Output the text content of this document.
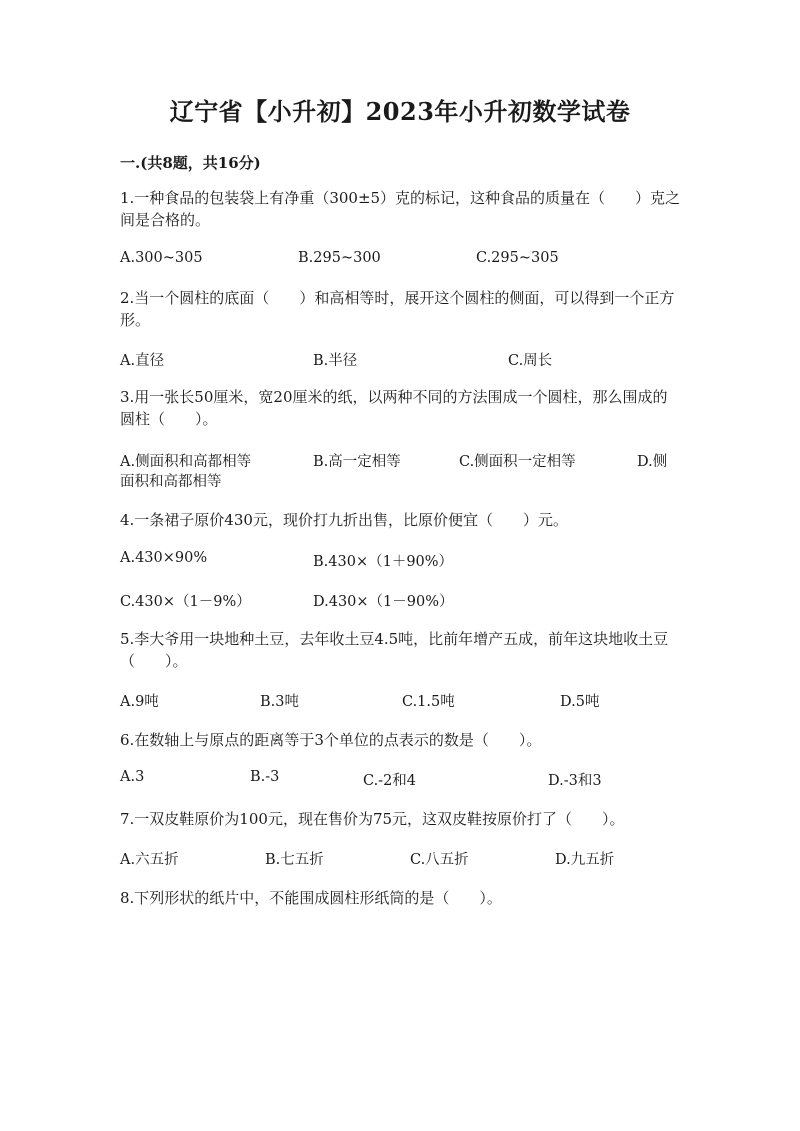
辽宁省【小升初】2023年小升初数学试卷
一.(共8题，共16分)

1.一种食品的包装袋上有净重（300±5）克的标记，这种食品的质量在（　　）克之间是合格的。

A.300~305	B.295~300	C.295~305

2.当一个圆柱的底面（　　）和高相等时，展开这个圆柱的侧面，可以得到一个正方形。

A.直径	B.半径	C.周长

3.用一张长50厘米，宽20厘米的纸，以两种不同的方法围成一个圆柱，那么围成的圆柱（　　）。

A.侧面积和高都相等	B.高一定相等	C.侧面积一定相等	D.侧
面积和高都相等

4.一条裙子原价430元，现价打九折出售，比原价便宜（　　）元。

A.430×90%	B.430×（1＋90%）
C.430×（1－9%）	D.430×（1－90%）

5.李大爷用一块地种土豆，去年收土豆4.5吨，比前年增产五成，前年这块地收土豆（　　）。

A.9吨	B.3吨	C.1.5吨	D.5吨

6.在数轴上与原点的距离等于3个单位的点表示的数是（　　）。

A.3	B.-3	C.-2和4	D.-3和3

7.一双皮鞋原价为100元，现在售价为75元，这双皮鞋按原价打了（　　）。

A.六五折	B.七五折	C.八五折	D.九五折

8.下列形状的纸片中，不能围成圆柱形纸筒的是（　　）。
